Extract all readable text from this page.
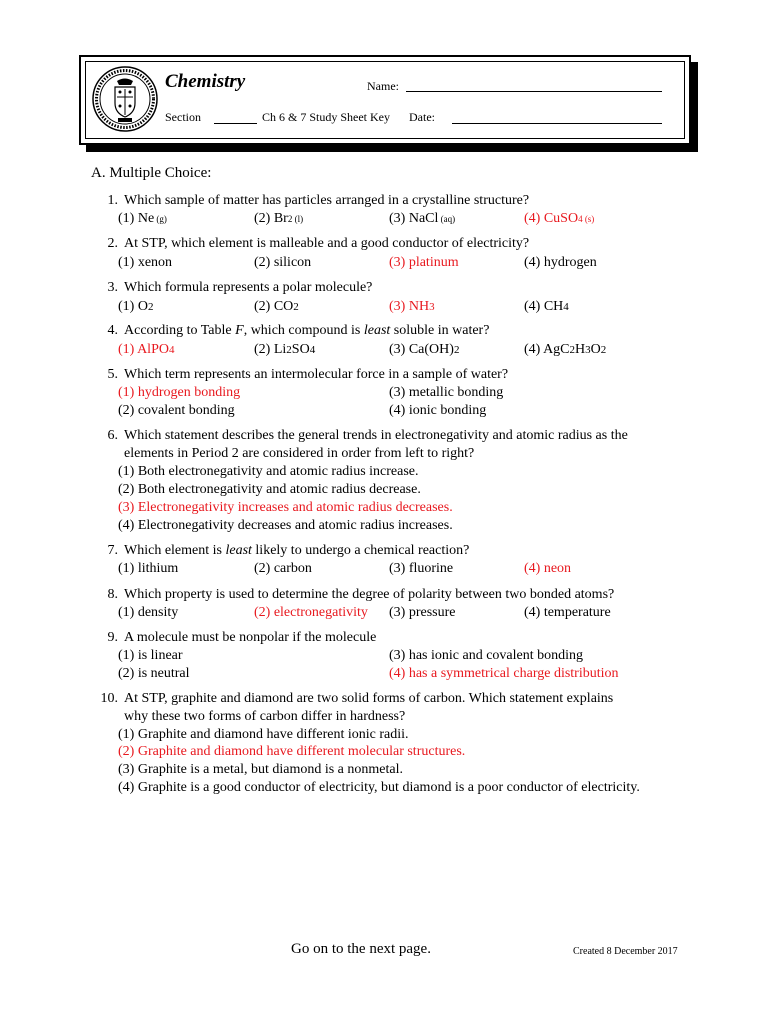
Chemistry	Name:
Section	Ch 6 & 7 Study Sheet Key Date:
A. Multiple Choice:
1. Which sample of matter has particles arranged in a crystalline structure?
(1) Ne (g)	(2) Br2 (l)	(3) NaCl (aq)	(4) CuSO4 (s)
2. At STP, which element is malleable and a good conductor of electricity?
(1) xenon	(2) silicon	(3) platinum	(4) hydrogen
3. Which formula represents a polar molecule?
(1) O2	(2) CO2	(3) NH3	(4) CH4
4. According to Table F, which compound is least soluble in water?
(1) AlPO4	(2) Li2SO4	(3) Ca(OH)2	(4) AgC2H3O2
5. Which term represents an intermolecular force in a sample of water?
(1) hydrogen bonding	(3) metallic bonding
(2) covalent bonding	(4) ionic bonding
6. Which statement describes the general trends in electronegativity and atomic radius as the
elements in Period 2 are considered in order from left to right?
(1) Both electronegativity and atomic radius increase.
(2) Both electronegativity and atomic radius decrease.
(3) Electronegativity increases and atomic radius decreases.
(4) Electronegativity decreases and atomic radius increases.
7. Which element is least likely to undergo a chemical reaction?
(1) lithium	(2) carbon	(3) fluorine	(4) neon
8. Which property is used to determine the degree of polarity between two bonded atoms?
(1) density	(2) electronegativity (3) pressure	(4) temperature
9. A molecule must be nonpolar if the molecule
(1) is linear	(3) has ionic and covalent bonding
(2) is neutral	(4) has a symmetrical charge distribution
10. At STP, graphite and diamond are two solid forms of carbon. Which statement explains
why these two forms of carbon differ in hardness?
(1) Graphite and diamond have different ionic radii.
(2) Graphite and diamond have different molecular structures.
(3) Graphite is a metal, but diamond is a nonmetal.
(4) Graphite is a good conductor of electricity, but diamond is a poor conductor of electricity.
Go on to the next page.	Created 8 December 2017
